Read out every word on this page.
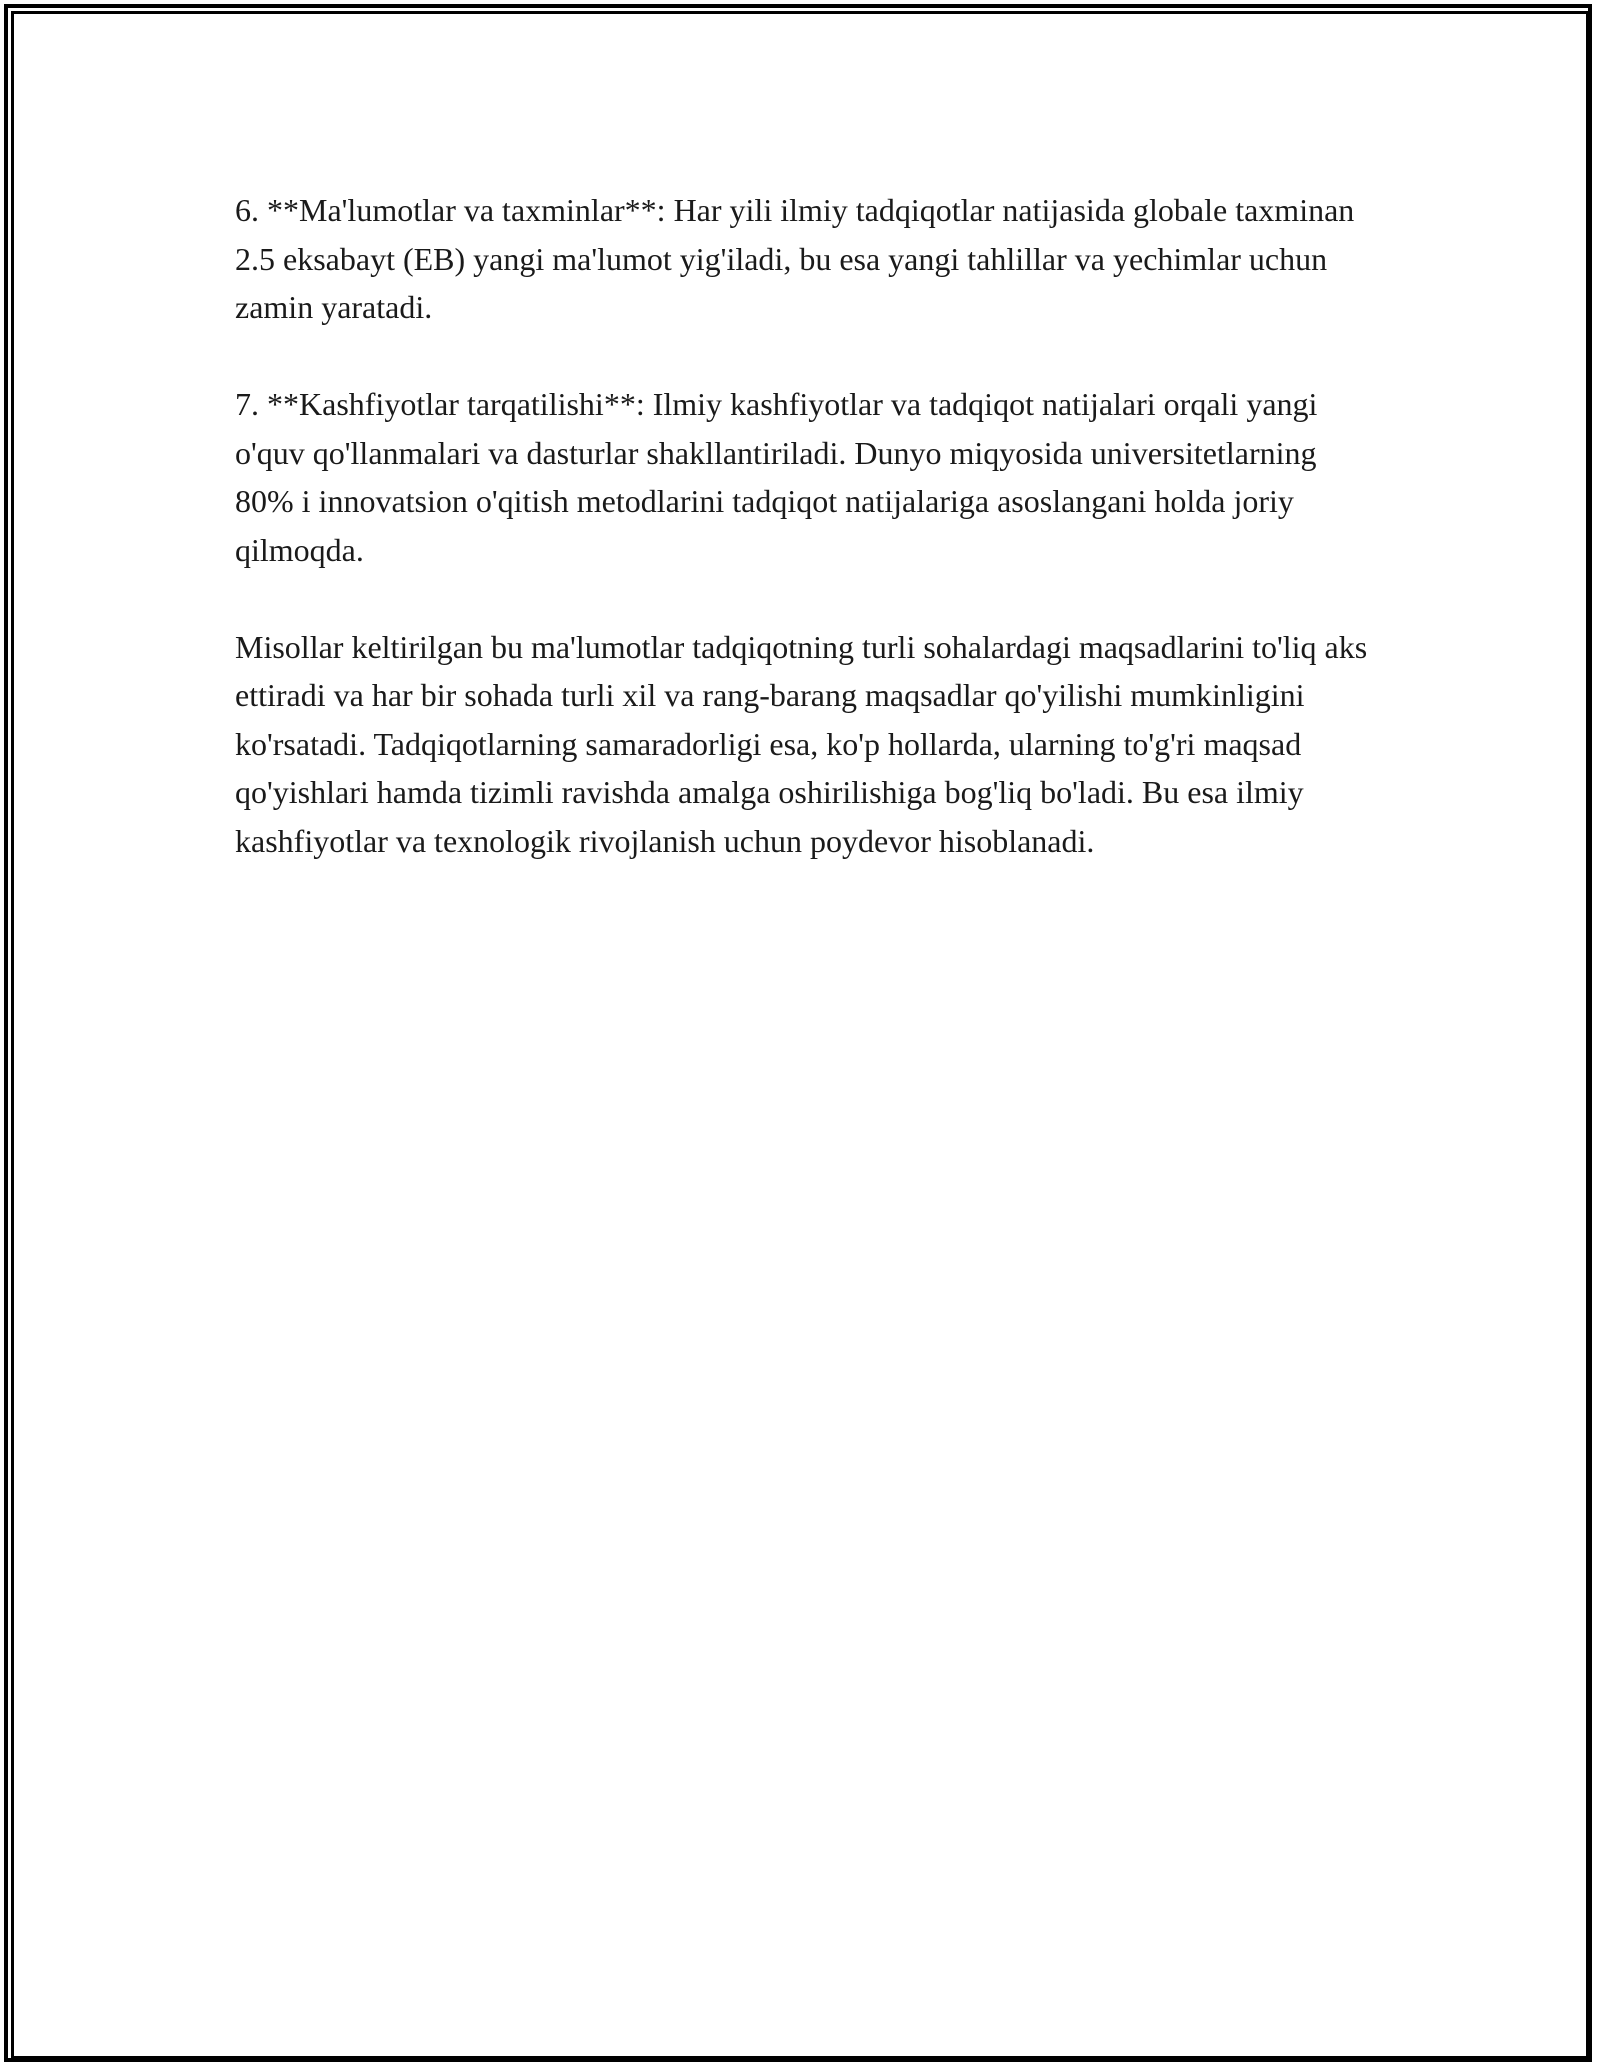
6. **Ma'lumotlar va taxminlar**: Har yili ilmiy tadqiqotlar natijasida globale taxminan 2.5 eksabayt (EB) yangi ma'lumot yig'iladi, bu esa yangi tahlillar va yechimlar uchun zamin yaratadi.

7. **Kashfiyotlar tarqatilishi**: Ilmiy kashfiyotlar va tadqiqot natijalari orqali yangi o'quv qo'llanmalari va dasturlar shakllantiriladi. Dunyo miqyosida universitetlarning 80% i innovatsion o'qitish metodlarini tadqiqot natijalariga asoslangani holda joriy qilmoqda.

Misollar keltirilgan bu ma'lumotlar tadqiqotning turli sohalardagi maqsadlarini to'liq aks ettiradi va har bir sohada turli xil va rang-barang maqsadlar qo'yilishi mumkinligini ko'rsatadi. Tadqiqotlarning samaradorligi esa, ko'p hollarda, ularning to'g'ri maqsad qo'yishlari hamda tizimli ravishda amalga oshirilishiga bog'liq bo'ladi. Bu esa ilmiy kashfiyotlar va texnologik rivojlanish uchun poydevor hisoblanadi.
